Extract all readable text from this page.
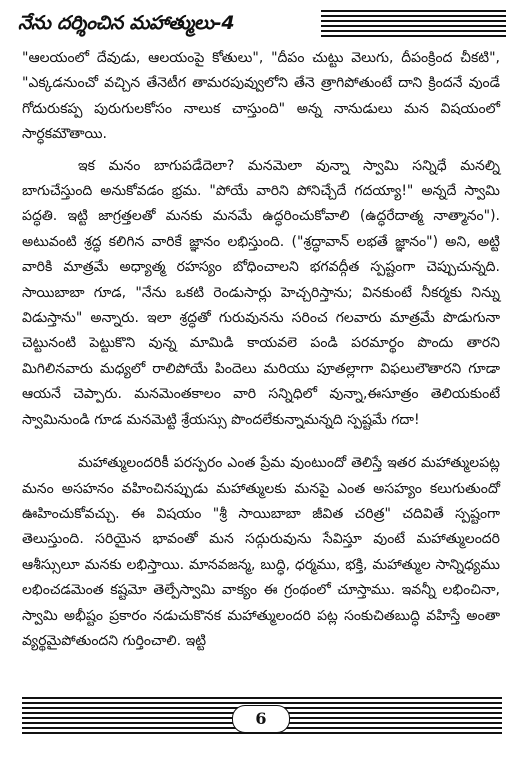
నేను దర్శించిన మహాత్ములు-4

"ఆలయంలో దేవుడు, ఆలయంపై కోతులు", "దీపం చుట్టు వెలుగు, దీపంక్రింద చీకటి", "ఎక్కడనుంచో వచ్చిన తేనెటీగ తామరపువ్వులోని తేనె త్రాగిపోతుంటే దాని క్రిందనే వుండే గోదురుకప్ప పురుగులకోసం నాలుక చాస్తుంది" అన్న నానుడులు మన విషయంలో సార్ధకమౌతాయి.

ఇక మనం బాగుపడేదెలా? మనమెలా వున్నా స్వామి సన్నిధే మనల్ని బాగుచేస్తుంది అనుకోవడం భ్రమ. "పోయే వారిని పోనిచ్చేదే గదయ్యా!" అన్నదే స్వామి పద్ధతి. ఇట్టి జాగ్రత్తలతో మనకు మనమే ఉద్ధరించుకోవాలి (ఉద్ధరేదాత్మ నాత్మానం"). అటువంటి శ్రద్ధ కలిగిన వారికే జ్ఞానం లభిస్తుంది. ("శ్రద్ధావాన్ లభతే జ్ఞానం") అని, అట్టి వారికి మాత్రమే అధ్యాత్మ రహస్యం బోధించాలని భగవద్గీత స్పష్టంగా చెప్పుచున్నది. సాయిబాబా గూడ, "నేను ఒకటి రెండుసార్లు హెచ్చరిస్తాను; వినకుంటే నీకర్మకు నిన్ను విడుస్తాను" అన్నారు. ఇలా శ్రద్ధతో గురువునను సరించ గలవారు మాత్రమే పొడుగునా చెట్టునంటి పెట్టుకొని వున్న మామిడి కాయవలె పండి పరమార్థం పొందు తారని మిగిలినవారు మధ్యలో రాలిపోయే పిందెలు మరియు పూతల్లాగా విఫలులౌతారని గూడా ఆయనే చెప్పారు. మనమెంతకాలం వారి సన్నిధిలో వున్నా,ఈసూత్రం తెలియకుంటే స్వామినుండి గూడ మనమెట్టి శ్రేయస్సు పొందలేకున్నామన్నది స్పష్టమే గదా!

మహాత్ములందరికీ పరస్పరం ఎంత ప్రేమ వుంటుందో తెలిస్తే ఇతర మహాత్ములపట్ల మనం అసహనం వహించినప్పుడు మహాత్ములకు మనపై ఎంత అసహ్యం కలుగుతుందో ఊహించుకోవచ్చు. ఈ విషయం "శ్రీ సాయిబాబా జీవిత చరిత్ర" చదివితే స్పష్టంగా తెలుస్తుంది. సరియైన భావంతో మన సద్గురువును సేవిస్తూ వుంటే మహాత్ములందరి ఆశీస్సులూ మనకు లభిస్తాయి. మానవజన్మ, బుద్ధి, ధర్మము, భక్తి, మహాత్ముల సాన్నిధ్యము లభించడమెంత కష్టమో తెల్పేస్వామి వాక్యం ఈ గ్రంథంలో చూస్తాము. ఇవన్నీ లభించినా, స్వామి అభీష్టం ప్రకారం నడుచుకొనక మహాత్ములందరి పట్ల సంకుచితబుద్ధి వహిస్తే అంతా వ్యర్థమైపోతుందని గుర్తించాలి. ఇట్టి

6
